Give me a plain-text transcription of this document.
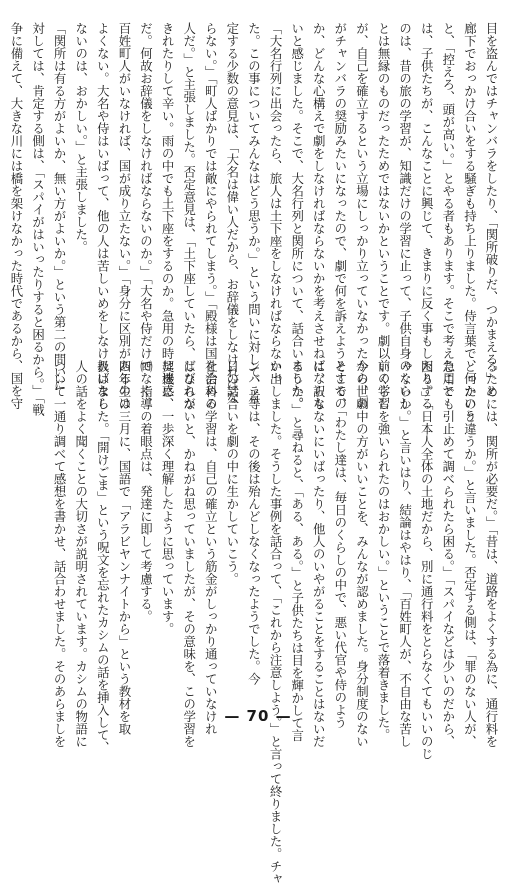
目を盗んではチャンバラをしたり、「関所破りだ、つかまえろ。」と

廊下でおっかけ合いをする騒ぎも持ち上りました。侍言葉で、何かいう

と、「控えろ、頭が高い。」とやる者もあります。そこで考えたこと

は、子供たちが、こんなことに興じて、きまりに反く事もしたりする

のは、昔の旅の学習が、知識だけの学習に止って、子供自身のくらし

とは無縁のものだったためではないかということです。劇以前の学習

が、自己を確立するという立場にしっかり立っていなかったから、劇

がチャンバラの奨励みたいになったので、劇で何を訴えようとするの

か、どんな心構えで劇をしなければならないかを考えさせねばならな

いと感じました。そこで、大名行列と関所について、話合いました。

「大名行列に出会ったら、旅人は土下座をしなければならなかっ

た。この事についてみんなはどう思うか。」という問いに対して、肯

定する少数の意見は、「大名は偉い人だから、お辞儀をしなければな

らない。」「町人ばかりでは敵にやられてしまう。」「殿様は国を治める

人だ。」と主張しました。否定意見は、「土下座していたら、しびれが

きれたりして辛い。雨の中でも土下座をするのか。急用の時は迷惑

だ。何故お辞儀をしなければならないのか。」「大名や侍だけでなく、

百姓町人がいなければ、国が成り立たない。」「身分に区別があるのは

よくない。大名や侍はいばって、他の人は苦しいめをしなければなら

ないのは、おかしい。」と主張しました。

「関所は有る方がよいか、無い方がよいか。」という第二の問いに

対しては、肯定する側は、「スパイがはいったりすると困るから。」「戦

争に備えて、大きな川には橋を架けなかった時代であるから、国を守

るためには、関所が必要だ。」「昔は、道路をよくする為に、通行料を

とったのと違うか。」と言いました。否定する側は、「罪のない人が、

急用でも引止めて調べられたら困る。」「スパイなどは少いのだから、

困る。」「日本人全体の土地だから、別に通行料をとらなくてもいいのじ

ゃないか。」と言いはり、結論はやはり、「百姓町人が、不自由な苦し

いくらしを強いられたのはおかしい。」ということで落着きました。

今の世の中の方がいいことを、みんなが認めました。身分制度のない

そこで、「わたし達は、毎日のくらしの中で、悪い代官や侍のよう

に、訳もないにいばったり、他人のいやがることをすることはないだ

ろうか。」と尋ねると、「ある、ある。」と子供たちは目を輝かして言

い出しました。そうした事例を話合って、「これから注意しよう。」と言って終りました。チャ

ンバラ等は、その後は殆んどしなくなったようでした。今

日の話合いを劇の中に生かしていこう。

社会科の学習は、自己の確立という筋金がしっかり通っていなけれ

ばならないと、かねがね思っていましたが、その意味を、この学習を

契機に、一歩深く理解したように思っています。

㈣　指導の着眼点は、発達に即して考慮する。

四年生の三月に、国語で「アラビヤンナイトから」という教材を取

扱いました。「開けごま」という呪文を忘れたカシムの話を挿入して、

人の話をよく聞くことの大切さが説明されています。カシムの物語に

ついて一通り調べて感想を書かせ、話合わせました。そのあらましを	— 70 —
